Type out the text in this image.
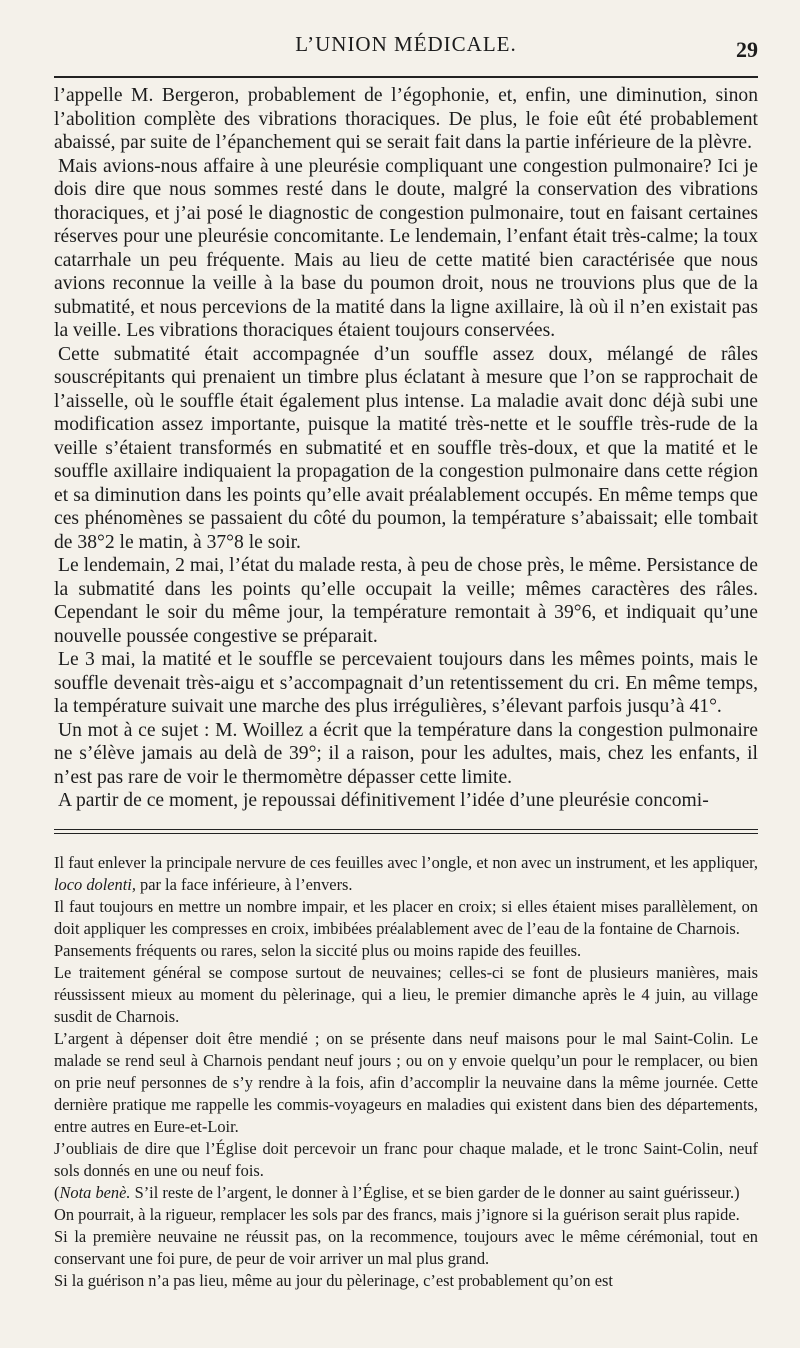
L’UNION MÉDICALE.	29

l’appelle M. Bergeron, probablement de l’égophonie, et, enfin, une diminution, sinon l’abolition complète des vibrations thoraciques. De plus, le foie eût été probablement abaissé, par suite de l’épanchement qui se serait fait dans la partie inférieure de la plèvre.

Mais avions-nous affaire à une pleurésie compliquant une congestion pulmonaire? Ici je dois dire que nous sommes resté dans le doute, malgré la conservation des vibrations thoraciques, et j’ai posé le diagnostic de congestion pulmonaire, tout en faisant certaines réserves pour une pleurésie concomitante. Le lendemain, l’enfant était très-calme; la toux catarrhale un peu fréquente. Mais au lieu de cette matité bien caractérisée que nous avions reconnue la veille à la base du poumon droit, nous ne trouvions plus que de la submatité, et nous percevions de la matité dans la ligne axillaire, là où il n’en existait pas la veille. Les vibrations thoraciques étaient toujours conservées.

Cette submatité était accompagnée d’un souffle assez doux, mélangé de râles souscrépitants qui prenaient un timbre plus éclatant à mesure que l’on se rapprochait de l’aisselle, où le souffle était également plus intense. La maladie avait donc déjà subi une modification assez importante, puisque la matité très-nette et le souffle très-rude de la veille s’étaient transformés en submatité et en souffle très-doux, et que la matité et le souffle axillaire indiquaient la propagation de la congestion pulmonaire dans cette région et sa diminution dans les points qu’elle avait préalablement occupés. En même temps que ces phénomènes se passaient du côté du poumon, la température s’abaissait; elle tombait de 38°2 le matin, à 37°8 le soir.

Le lendemain, 2 mai, l’état du malade resta, à peu de chose près, le même. Persistance de la submatité dans les points qu’elle occupait la veille; mêmes caractères des râles. Cependant le soir du même jour, la température remontait à 39°6, et indiquait qu’une nouvelle poussée congestive se préparait.

Le 3 mai, la matité et le souffle se percevaient toujours dans les mêmes points, mais le souffle devenait très-aigu et s’accompagnait d’un retentissement du cri. En même temps, la température suivait une marche des plus irrégulières, s’élevant parfois jusqu’à 41°.

Un mot à ce sujet : M. Woillez a écrit que la température dans la congestion pulmonaire ne s’élève jamais au delà de 39°; il a raison, pour les adultes, mais, chez les enfants, il n’est pas rare de voir le thermomètre dépasser cette limite.

A partir de ce moment, je repoussai définitivement l’idée d’une pleurésie concomi-

Il faut enlever la principale nervure de ces feuilles avec l’ongle, et non avec un instrument, et les appliquer, loco dolenti, par la face inférieure, à l’envers.

Il faut toujours en mettre un nombre impair, et les placer en croix; si elles étaient mises parallèlement, on doit appliquer les compresses en croix, imbibées préalablement avec de l’eau de la fontaine de Charnois.

Pansements fréquents ou rares, selon la siccité plus ou moins rapide des feuilles.

Le traitement général se compose surtout de neuvaines; celles-ci se font de plusieurs manières, mais réussissent mieux au moment du pèlerinage, qui a lieu, le premier dimanche après le 4 juin, au village susdit de Charnois.

L’argent à dépenser doit être mendié ; on se présente dans neuf maisons pour le mal Saint-Colin. Le malade se rend seul à Charnois pendant neuf jours ; ou on y envoie quelqu’un pour le remplacer, ou bien on prie neuf personnes de s’y rendre à la fois, afin d’accomplir la neuvaine dans la même journée. Cette dernière pratique me rappelle les commis-voyageurs en maladies qui existent dans bien des départements, entre autres en Eure-et-Loir.

J’oubliais de dire que l’Église doit percevoir un franc pour chaque malade, et le tronc Saint-Colin, neuf sols donnés en une ou neuf fois.

(Nota benè. S’il reste de l’argent, le donner à l’Église, et se bien garder de le donner au saint guérisseur.)

On pourrait, à la rigueur, remplacer les sols par des francs, mais j’ignore si la guérison serait plus rapide.

Si la première neuvaine ne réussit pas, on la recommence, toujours avec le même cérémonial, tout en conservant une foi pure, de peur de voir arriver un mal plus grand.

Si la guérison n’a pas lieu, même au jour du pèlerinage, c’est probablement qu’on est
